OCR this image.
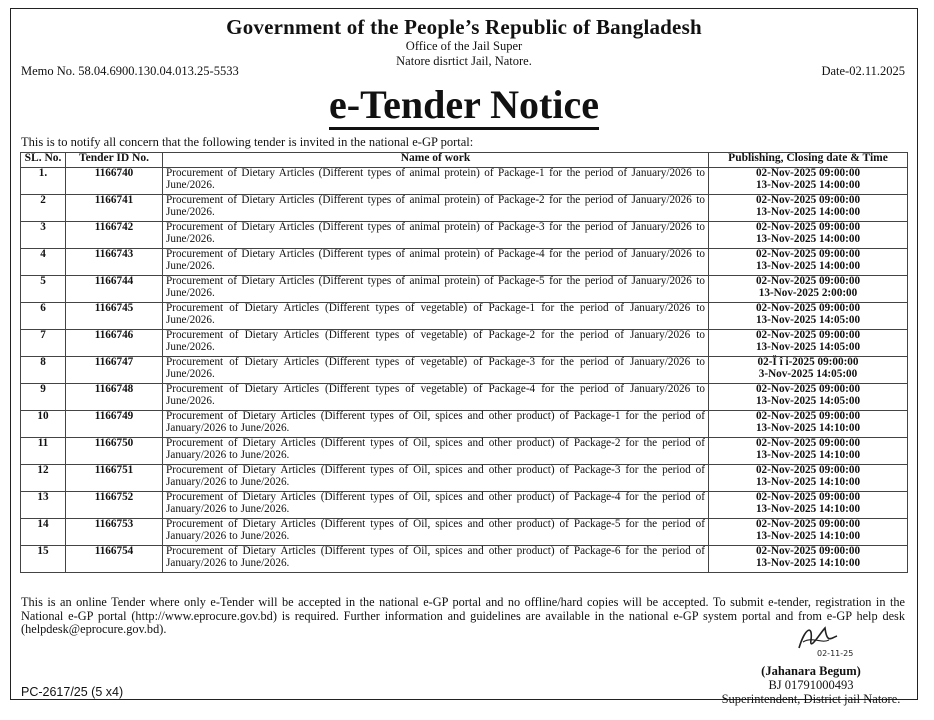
Government of the People’s Republic of Bangladesh
Office of the Jail Super
Natore disrtict Jail, Natore.
Memo No. 58.04.6900.130.04.013.25-5533	Date-02.11.2025
e-Tender Notice
This is to notify all concern that the following tender is invited in the national e-GP portal:
SL. No.	Tender ID No.	Name of work	Publishing, Closing date & Time
1.	1166740	Procurement of Dietary Articles (Different types of animal protein) of Package-1 for the period of January/2026 to June/2026.	02-Nov-2025 09:00:00
13-Nov-2025 14:00:00

2	1166741	Procurement of Dietary Articles (Different types of animal protein) of Package-2 for the period of January/2026 to June/2026.	02-Nov-2025 09:00:00
13-Nov-2025 14:00:00

3	1166742	Procurement of Dietary Articles (Different types of animal protein) of Package-3 for the period of January/2026 to June/2026.	02-Nov-2025 09:00:00
13-Nov-2025 14:00:00

4	1166743	Procurement of Dietary Articles (Different types of animal protein) of Package-4 for the period of January/2026 to June/2026.	02-Nov-2025 09:00:00
13-Nov-2025 14:00:00

5	1166744	Procurement of Dietary Articles (Different types of animal protein) of Package-5 for the period of January/2026 to June/2026.	02-Nov-2025 09:00:00
13-Nov-2025 2:00:00

6	1166745	Procurement of Dietary Articles (Different types of vegetable) of Package-1 for the period of January/2026 to June/2026.	02-Nov-2025 09:00:00
13-Nov-2025 14:05:00

7	1166746	Procurement of Dietary Articles (Different types of vegetable) of Package-2 for the period of January/2026 to June/2026.	02-Nov-2025 09:00:00
13-Nov-2025 14:05:00

8	1166747	Procurement of Dietary Articles (Different types of vegetable) of Package-3 for the period of January/2026 to June/2026.	02-Ï î i-2025 09:00:00
3-Nov-2025 14:05:00

9	1166748	Procurement of Dietary Articles (Different types of vegetable) of Package-4 for the period of January/2026 to June/2026.	02-Nov-2025 09:00:00
13-Nov-2025 14:05:00

10	1166749	Procurement of Dietary Articles (Different types of Oil, spices and other product) of Package-1 for the period of January/2026 to June/2026.	02-Nov-2025 09:00:00
13-Nov-2025 14:10:00

11	1166750	Procurement of Dietary Articles (Different types of Oil, spices and other product) of Package-2 for the period of January/2026 to June/2026.	02-Nov-2025 09:00:00
13-Nov-2025 14:10:00

12	1166751	Procurement of Dietary Articles (Different types of Oil, spices and other product) of Package-3 for the period of January/2026 to June/2026.	02-Nov-2025 09:00:00
13-Nov-2025 14:10:00

13	1166752	Procurement of Dietary Articles (Different types of Oil, spices and other product) of Package-4 for the period of January/2026 to June/2026.	02-Nov-2025 09:00:00
13-Nov-2025 14:10:00

14	1166753	Procurement of Dietary Articles (Different types of Oil, spices and other product) of Package-5 for the period of January/2026 to June/2026.	02-Nov-2025 09:00:00
13-Nov-2025 14:10:00

15	1166754	Procurement of Dietary Articles (Different types of Oil, spices and other product) of Package-6 for the period of January/2026 to June/2026.	02-Nov-2025 09:00:00
13-Nov-2025 14:10:00
This is an online Tender where only e-Tender will be accepted in the national e-GP portal and no offline/hard copies will be accepted. To submit e-tender, registration in the National e-GP portal (http://www.eprocure.gov.bd) is required. Further information and guidelines are available in the national e-GP system portal and from e-GP help desk (helpdesk@eprocure.gov.bd).
02-11-25
(Jahanara Begum)
BJ 01791000493
Superintendent, District jail Natore.
PC-2617/25 (5 x4)
